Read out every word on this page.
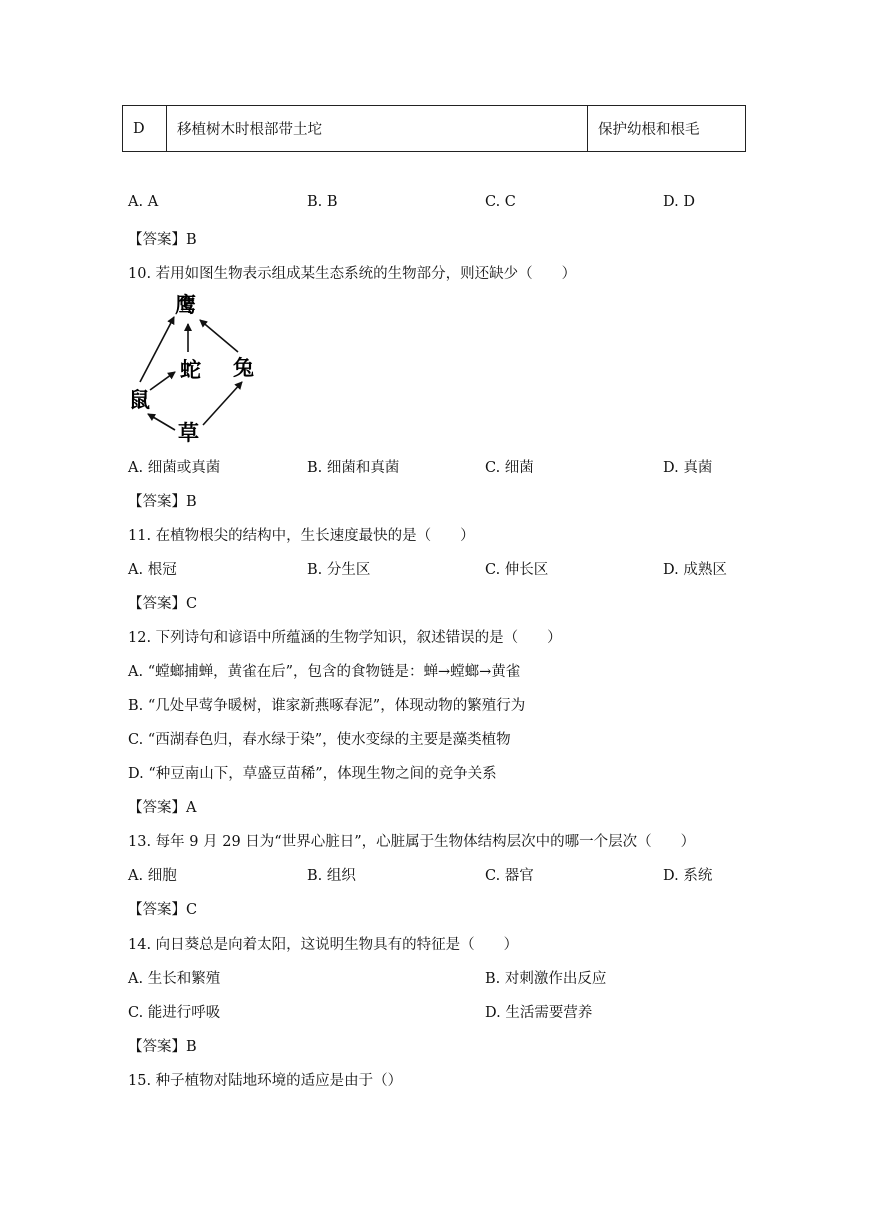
D	移植树木时根部带土坨	保护幼根和根毛
A. A	B. B	C. C	D. D
【答案】B
10. 若用如图生物表示组成某生态系统的生物部分，则还缺少（　　）
鹰
蛇 兔
鼠
草
A. 细菌或真菌	B. 细菌和真菌	C. 细菌	D. 真菌
【答案】B
11. 在植物根尖的结构中，生长速度最快的是（　　）
A. 根冠	B. 分生区	C. 伸长区	D. 成熟区
【答案】C
12. 下列诗句和谚语中所蕴涵的生物学知识，叙述错误的是（　　）
A. “螳螂捕蝉，黄雀在后”，包含的食物链是：蝉→螳螂→黄雀
B. “几处早莺争暖树，谁家新燕啄春泥”，体现动物的繁殖行为
C. “西湖春色归，春水绿于染”，使水变绿的主要是藻类植物
D. “种豆南山下，草盛豆苗稀”，体现生物之间的竞争关系
【答案】A
13. 每年 9 月 29 日为“世界心脏日”，心脏属于生物体结构层次中的哪一个层次（　　）
A. 细胞	B. 组织	C. 器官	D. 系统
【答案】C
14. 向日葵总是向着太阳，这说明生物具有的特征是（　　）
A. 生长和繁殖	B. 对刺激作出反应
C. 能进行呼吸	D. 生活需要营养
【答案】B
15. 种子植物对陆地环境的适应是由于（）
